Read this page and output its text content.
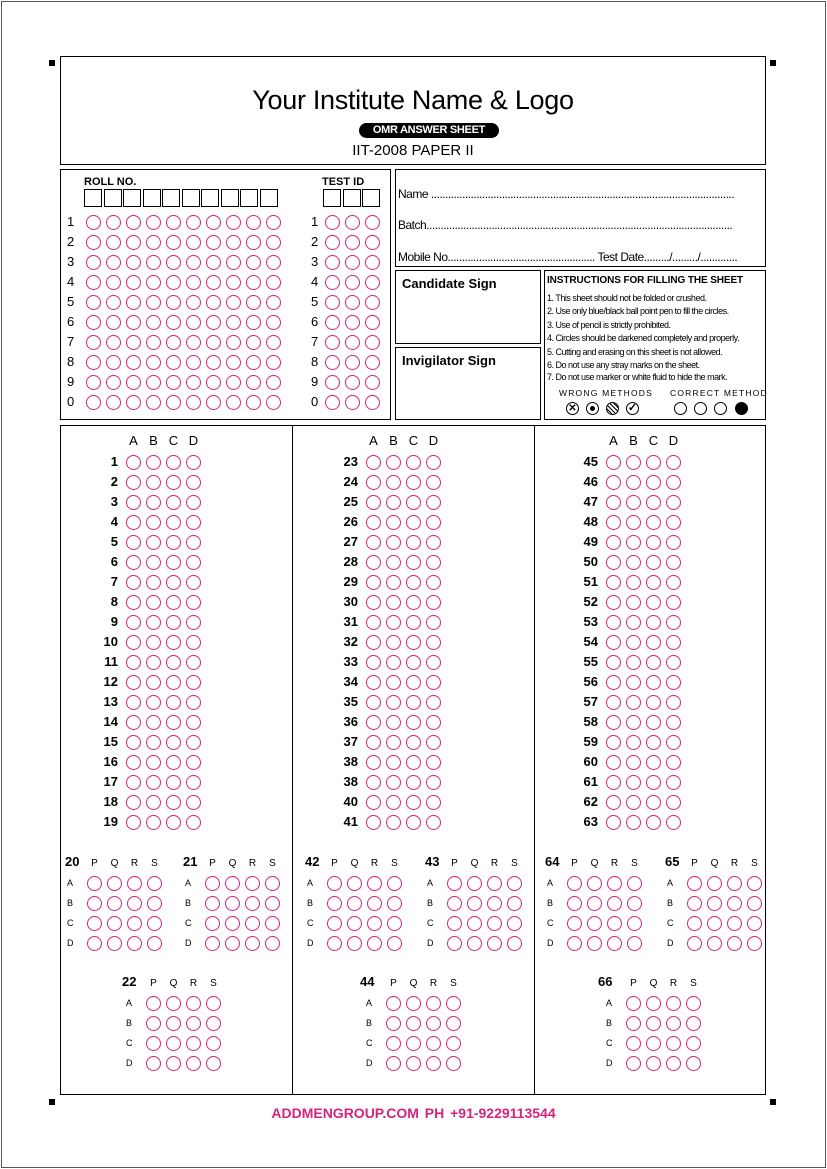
Your Institute Name & Logo
OMR ANSWER SHEET
IIT-2008 PAPER II
ROLL NO.	TEST ID
Name ...........................................................................................................
Batch............................................................................................................
Mobile No.................................................... Test Date........./........./.............
Candidate Sign
Invigilator Sign
INSTRUCTIONS FOR FILLING THE SHEET
1. This sheet should not be folded or crushed.
2. Use only blue/black ball point pen to fill the circles.
3. Use of pencil is strictly prohibited.
4. Circles should be darkened completely and properly.
5. Cutting and erasing on this sheet is not allowed.
6. Do not use any stray marks on the sheet.
7. Do not use marker or white fluid to hide the mark.
WRONG METHODS CORRECT METHOD
✕	✓
ADDMENGROUP.COM PH +91-9229113544
1	1
2	2
3	3
4	4
5	5
6	6
7	7
8	8
9	9
0	0
A B C D
1
2
3
4
5
6
7
8
9
10
11
12
13
14
15
16
17
18
19
A B C D
23
24
25
26
27
28
29
30
31
32
33
34
35
36
37
38
38
40
41
A B C D
45
46
47
48
49
50
51
52
53
54
55
56
57
58
59
60
61
62
63
20	P	Q	R	S
A
B
C
D
21	P	Q	R	S
A
B
C
D
42	P	Q	R	S
A
B
C
D
43	P	Q	R	S
A
B
C
D
64	P	Q	R	S
A
B
C
D
65	P	Q	R	S
A
B
C
D
22	P	Q	R	S
A
B
C
D
44	P	Q	R	S
A
B
C
D
66	P	Q	R	S
A
B
C
D
